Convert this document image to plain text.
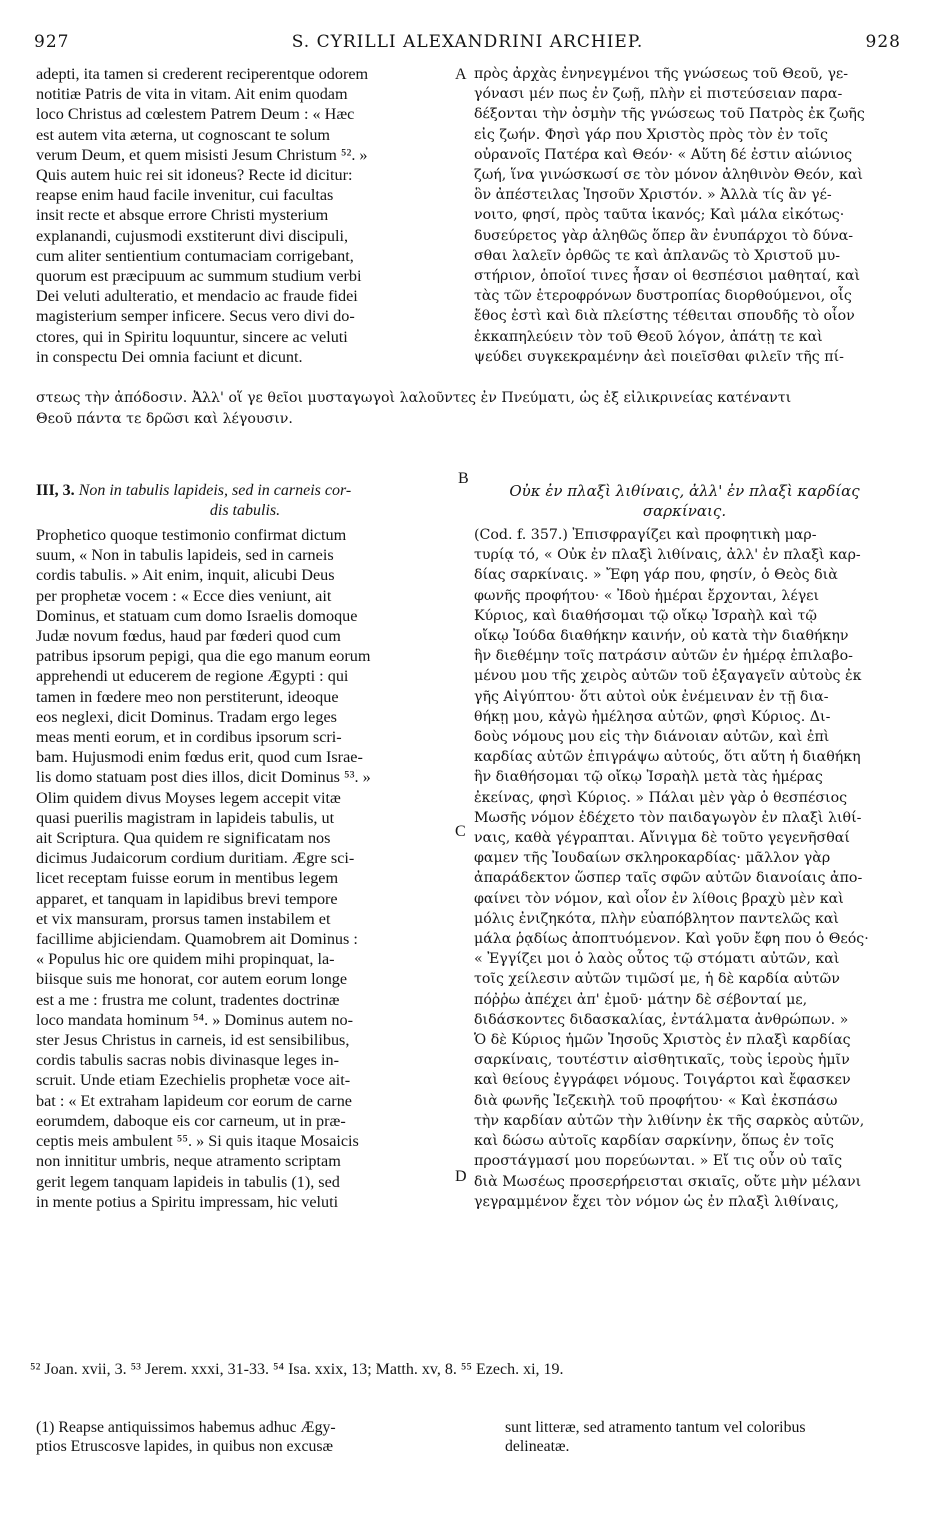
927	S. CYRILLI ALEXANDRINI ARCHIEP.	928
A
B
C
D
adepti, ita tamen si crederent reciperentque odorem
notitiæ Patris de vita in vitam. Ait enim quodam
loco Christus ad cœlestem Patrem Deum : « Hæc
est autem vita æterna, ut cognoscant te solum
verum Deum, et quem misisti Jesum Christum ⁵². »
Quis autem huic rei sit idoneus? Recte id dicitur:
reapse enim haud facile invenitur, cui facultas
insit recte et absque errore Christi mysterium
explanandi, cujusmodi exstiterunt divi discipuli,
cum aliter sentientium contumaciam corrigebant,
quorum est præcipuum ac summum studium verbi
Dei veluti adulteratio, et mendacio ac fraude fidei
magisterium semper inficere. Secus vero divi do-
ctores, qui in Spiritu loquuntur, sincere ac veluti
in conspectu Dei omnia faciunt et dicunt.
πρὸς ἀρχὰς ἐνηνεγμένοι τῆς γνώσεως τοῦ Θεοῦ, γε-
γόνασι μέν πως ἐν ζωῇ, πλὴν εἰ πιστεύσειαν παρα-
δέξονται τὴν ὀσμὴν τῆς γνώσεως τοῦ Πατρὸς ἐκ ζωῆς
εἰς ζωήν. Φησὶ γάρ που Χριστὸς πρὸς τὸν ἐν τοῖς
οὐρανοῖς Πατέρα καὶ Θεόν· « Αὕτη δέ ἐστιν αἰώνιος
ζωή, ἵνα γινώσκωσί σε τὸν μόνον ἀληθινὸν Θεόν, καὶ
ὃν ἀπέστειλας Ἰησοῦν Χριστόν. » Ἀλλὰ τίς ἂν γέ-
νοιτο, φησί, πρὸς ταῦτα ἱκανός; Καὶ μάλα εἰκότως·
δυσεύρετος γὰρ ἀληθῶς ὅπερ ἂν ἐνυπάρχοι τὸ δύνα-
σθαι λαλεῖν ὀρθῶς τε καὶ ἀπλανῶς τὸ Χριστοῦ μυ-
στήριον, ὁποῖοί τινες ἦσαν οἱ θεσπέσιοι μαθηταί, καὶ
τὰς τῶν ἑτεροφρόνων δυστροπίας διορθούμενοι, οἷς
ἔθος ἐστὶ καὶ διὰ πλείστης τέθειται σπουδῆς τὸ οἷον
ἐκκαπηλεύειν τὸν τοῦ Θεοῦ λόγον, ἀπάτῃ τε καὶ
ψεύδει συγκεκραμένην ἀεὶ ποιεῖσθαι φιλεῖν τῆς πί-
στεως τὴν ἀπόδοσιν. Ἀλλ' οἵ γε θεῖοι μυσταγωγοὶ λαλοῦντες ἐν Πνεύματι, ὡς ἐξ εἰλικρινείας κατέναντι
Θεοῦ πάντα τε δρῶσι καὶ λέγουσιν.
III, 3. Non in tabulis lapideis, sed in carneis cor-
dis tabulis.
Οὐκ ἐν πλαξὶ λιθίναις, ἀλλ' ἐν πλαξὶ καρδίας
σαρκίναις.
Prophetico quoque testimonio confirmat dictum
suum, « Non in tabulis lapideis, sed in carneis
cordis tabulis. » Ait enim, inquit, alicubi Deus
per prophetæ vocem : « Ecce dies veniunt, ait
Dominus, et statuam cum domo Israelis domoque
Judæ novum fœdus, haud par fœderi quod cum
patribus ipsorum pepigi, qua die ego manum eorum
apprehendi ut educerem de regione Ægypti : qui
tamen in fœdere meo non perstiterunt, ideoque
eos neglexi, dicit Dominus. Tradam ergo leges
meas menti eorum, et in cordibus ipsorum scri-
bam. Hujusmodi enim fœdus erit, quod cum Israe-
lis domo statuam post dies illos, dicit Dominus ⁵³. »
Olim quidem divus Moyses legem accepit vitæ
quasi puerilis magistram in lapideis tabulis, ut
ait Scriptura. Qua quidem re significatam nos
dicimus Judaicorum cordium duritiam. Ægre sci-
licet receptam fuisse eorum in mentibus legem
apparet, et tanquam in lapidibus brevi tempore
et vix mansuram, prorsus tamen instabilem et
facillime abjiciendam. Quamobrem ait Dominus :
« Populus hic ore quidem mihi propinquat, la-
biisque suis me honorat, cor autem eorum longe
est a me : frustra me colunt, tradentes doctrinæ
loco mandata hominum ⁵⁴. » Dominus autem no-
ster Jesus Christus in carneis, id est sensibilibus,
cordis tabulis sacras nobis divinasque leges in-
scruit. Unde etiam Ezechielis prophetæ voce ait-
bat : « Et extraham lapideum cor eorum de carne
eorumdem, daboque eis cor carneum, ut in præ-
ceptis meis ambulent ⁵⁵. » Si quis itaque Mosaicis
non innititur umbris, neque atramento scriptam
gerit legem tanquam lapideis in tabulis (1), sed
in mente potius a Spiritu impressam, hic veluti
(Cod. f. 357.) Ἐπισφραγίζει καὶ προφητικὴ μαρ-
τυρίᾳ τό, « Οὐκ ἐν πλαξὶ λιθίναις, ἀλλ' ἐν πλαξὶ καρ-
δίας σαρκίναις. » Ἔφη γάρ που, φησίν, ὁ Θεὸς διὰ
φωνῆς προφήτου· « Ἰδοὺ ἡμέραι ἔρχονται, λέγει
Κύριος, καὶ διαθήσομαι τῷ οἴκῳ Ἰσραὴλ καὶ τῷ
οἴκῳ Ἰούδα διαθήκην καινήν, οὐ κατὰ τὴν διαθήκην
ἣν διεθέμην τοῖς πατράσιν αὐτῶν ἐν ἡμέρᾳ ἐπιλαβο-
μένου μου τῆς χειρὸς αὐτῶν τοῦ ἐξαγαγεῖν αὐτοὺς ἐκ
γῆς Αἰγύπτου· ὅτι αὐτοὶ οὐκ ἐνέμειναν ἐν τῇ δια-
θήκῃ μου, κἀγὼ ἠμέλησα αὐτῶν, φησὶ Κύριος. Δι-
δοὺς νόμους μου εἰς τὴν διάνοιαν αὐτῶν, καὶ ἐπὶ
καρδίας αὐτῶν ἐπιγράψω αὐτούς, ὅτι αὕτη ἡ διαθήκη
ἣν διαθήσομαι τῷ οἴκῳ Ἰσραὴλ μετὰ τὰς ἡμέρας
ἐκείνας, φησὶ Κύριος. » Πάλαι μὲν γὰρ ὁ θεσπέσιος
Μωσῆς νόμον ἐδέχετο τὸν παιδαγωγὸν ἐν πλαξὶ λιθί-
ναις, καθὰ γέγραπται. Αἴνιγμα δὲ τοῦτο γεγενῆσθαί
φαμεν τῆς Ἰουδαίων σκληροκαρδίας· μᾶλλον γὰρ
ἀπαράδεκτον ὥσπερ ταῖς σφῶν αὐτῶν διανοίαις ἀπο-
φαίνει τὸν νόμον, καὶ οἷον ἐν λίθοις βραχὺ μὲν καὶ
μόλις ἐνιζηκότα, πλὴν εὐαπόβλητον παντελῶς καὶ
μάλα ῥᾳδίως ἀποπτυόμενον. Καὶ γοῦν ἔφη που ὁ Θεός·
« Ἐγγίζει μοι ὁ λαὸς οὗτος τῷ στόματι αὐτῶν, καὶ
τοῖς χείλεσιν αὐτῶν τιμῶσί με, ἡ δὲ καρδία αὐτῶν
πόῤῥω ἀπέχει ἀπ' ἐμοῦ· μάτην δὲ σέβονταί με,
διδάσκοντες διδασκαλίας, ἐντάλματα ἀνθρώπων. »
Ὁ δὲ Κύριος ἡμῶν Ἰησοῦς Χριστὸς ἐν πλαξὶ καρδίας
σαρκίναις, τουτέστιν αἰσθητικαῖς, τοὺς ἱεροὺς ἡμῖν
καὶ θείους ἐγγράφει νόμους. Τοιγάρτοι καὶ ἔφασκεν
διὰ φωνῆς Ἰεζεκιὴλ τοῦ προφήτου· « Καὶ ἐκσπάσω
τὴν καρδίαν αὐτῶν τὴν λιθίνην ἐκ τῆς σαρκὸς αὐτῶν,
καὶ δώσω αὐτοῖς καρδίαν σαρκίνην, ὅπως ἐν τοῖς
προστάγμασί μου πορεύωνται. » Εἴ τις οὖν οὐ ταῖς
διὰ Μωσέως προσερήρεισται σκιαῖς, οὔτε μὴν μέλανι
γεγραμμένον ἔχει τὸν νόμον ὡς ἐν πλαξὶ λιθίναις,
⁵² Joan. xvii, 3. ⁵³ Jerem. xxxi, 31-33. ⁵⁴ Isa. xxix, 13; Matth. xv, 8. ⁵⁵ Ezech. xi, 19.
(1) Reapse antiquissimos habemus adhuc Ægy-
ptios Etruscosve lapides, in quibus non excusæ
sunt litteræ, sed atramento tantum vel coloribus
delineatæ.
